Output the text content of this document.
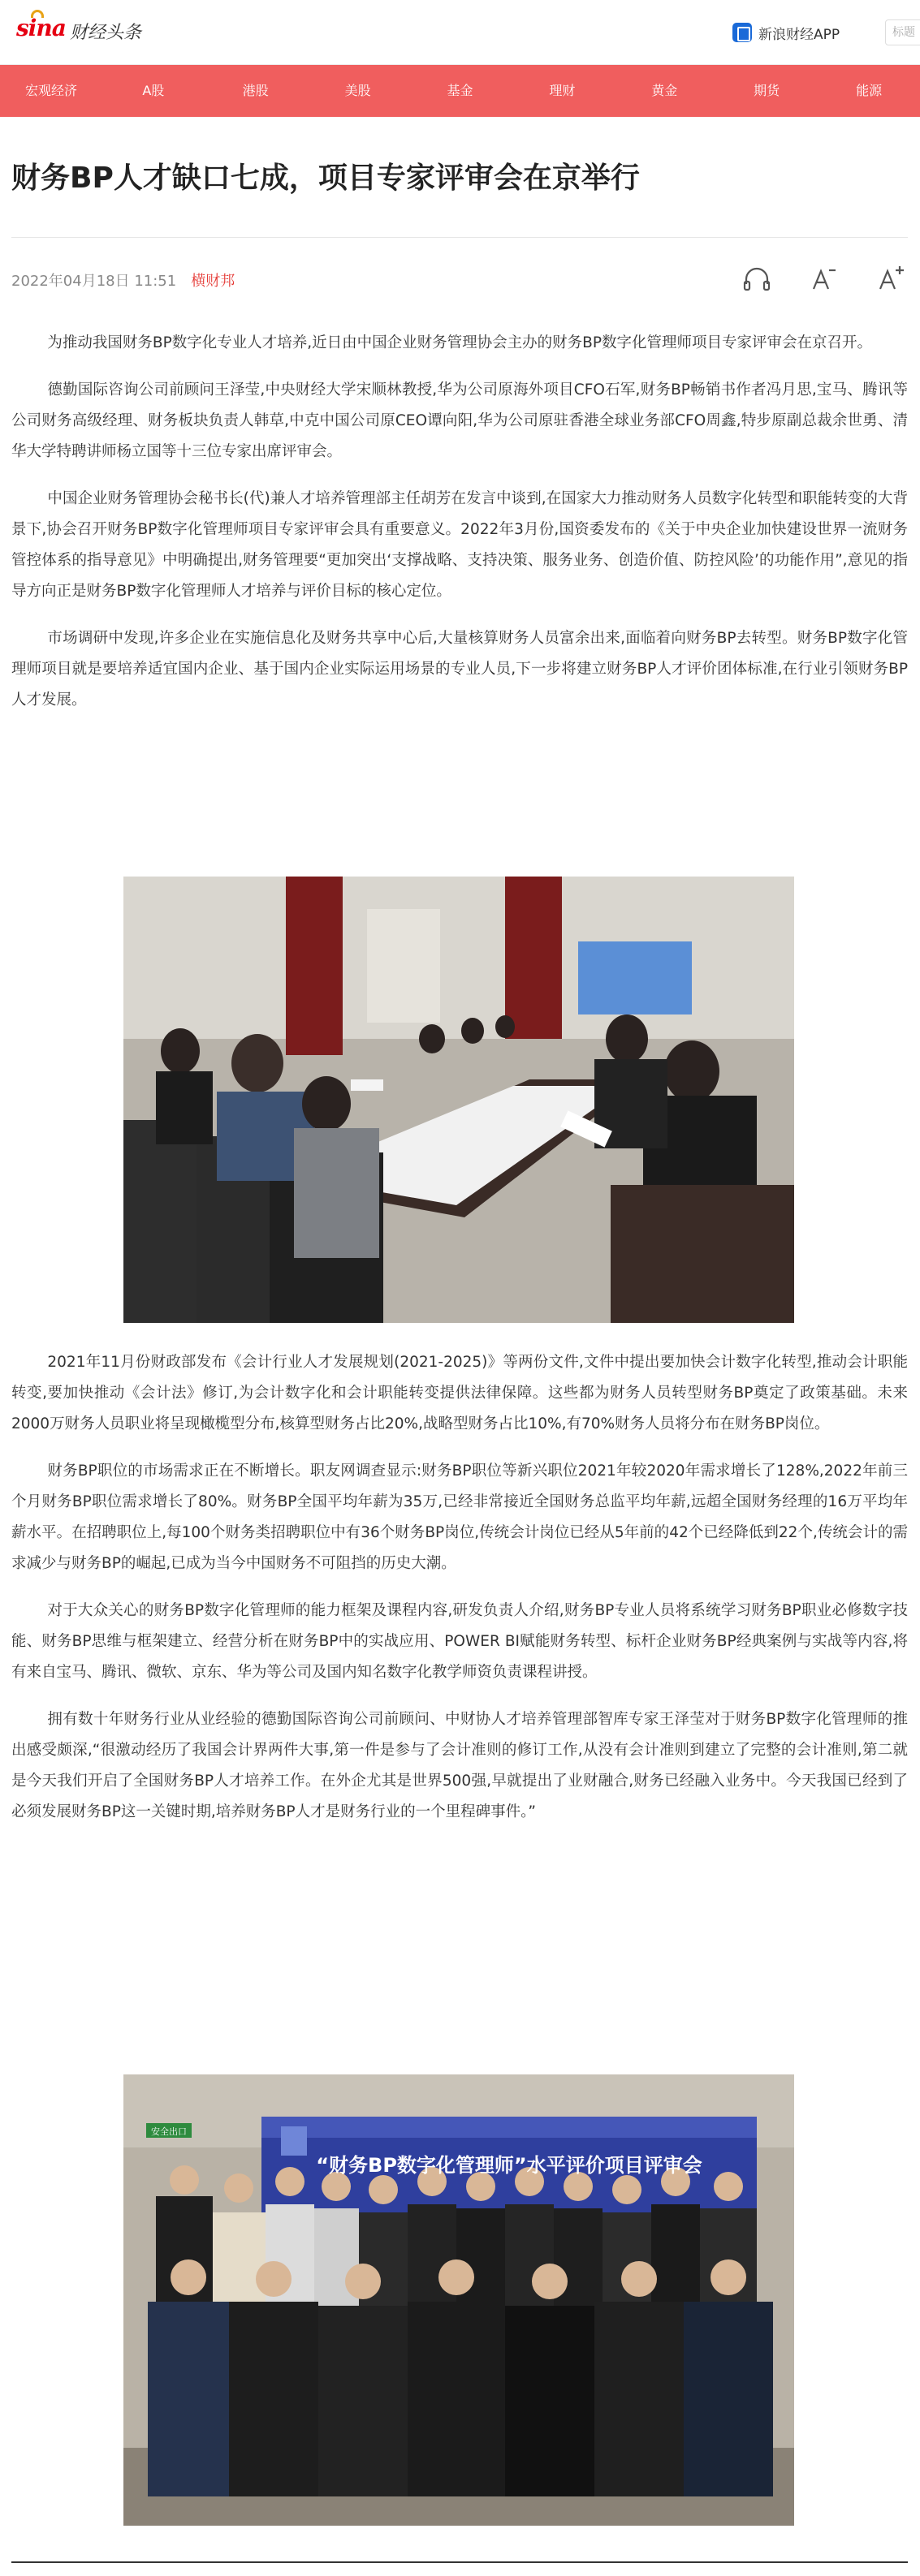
sina 财经头条	新浪财经APP	标题
宏观经济	A股	港股	美股	基金	理财	黄金	期货	能源
财务BP人才缺口七成，项目专家评审会在京举行
2022年04月18日 11:51 横财邦

为推动我国财务BP数字化专业人才培养,近日由中国企业财务管理协会主办的财务BP数字化管理师项目专家评审会在京召开。

德勤国际咨询公司前顾问王泽莹,中央财经大学宋顺林教授,华为公司原海外项目CFO石军,财务BP畅销书作者冯月思,宝马、腾讯等公司财务高级经理、财务板块负责人韩草,中克中国公司原CEO谭向阳,华为公司原驻香港全球业务部CFO周鑫,特步原副总裁余世勇、清华大学特聘讲师杨立国等十三位专家出席评审会。

中国企业财务管理协会秘书长(代)兼人才培养管理部主任胡芳在发言中谈到,在国家大力推动财务人员数字化转型和职能转变的大背景下,协会召开财务BP数字化管理师项目专家评审会具有重要意义。2022年3月份,国资委发布的《关于中央企业加快建设世界一流财务管控体系的指导意见》中明确提出,财务管理要“更加突出‘支撑战略、支持决策、服务业务、创造价值、防控风险’的功能作用”,意见的指导方向正是财务BP数字化管理师人才培养与评价目标的核心定位。

市场调研中发现,许多企业在实施信息化及财务共享中心后,大量核算财务人员富余出来,面临着向财务BP去转型。财务BP数字化管理师项目就是要培养适宜国内企业、基于国内企业实际运用场景的专业人员,下一步将建立财务BP人才评价团体标准,在行业引领财务BP人才发展。

2021年11月份财政部发布《会计行业人才发展规划(2021-2025)》等两份文件,文件中提出要加快会计数字化转型,推动会计职能转变,要加快推动《会计法》修订,为会计数字化和会计职能转变提供法律保障。这些都为财务人员转型财务BP奠定了政策基础。未来2000万财务人员职业将呈现橄榄型分布,核算型财务占比20%,战略型财务占比10%,有70%财务人员将分布在财务BP岗位。

财务BP职位的市场需求正在不断增长。职友网调查显示:财务BP职位等新兴职位2021年较2020年需求增长了128%,2022年前三个月财务BP职位需求增长了80%。财务BP全国平均年薪为35万,已经非常接近全国财务总监平均年薪,远超全国财务经理的16万平均年薪水平。在招聘职位上,每100个财务类招聘职位中有36个财务BP岗位,传统会计岗位已经从5年前的42个已经降低到22个,传统会计的需求减少与财务BP的崛起,已成为当今中国财务不可阻挡的历史大潮。

对于大众关心的财务BP数字化管理师的能力框架及课程内容,研发负责人介绍,财务BP专业人员将系统学习财务BP职业必修数字技能、财务BP思维与框架建立、经营分析在财务BP中的实战应用、POWER BI赋能财务转型、标杆企业财务BP经典案例与实战等内容,将有来自宝马、腾讯、微软、京东、华为等公司及国内知名数字化教学师资负责课程讲授。

拥有数十年财务行业从业经验的德勤国际咨询公司前顾问、中财协人才培养管理部智库专家王泽莹对于财务BP数字化管理师的推出感受颇深,“很激动经历了我国会计界两件大事,第一件是参与了会计准则的修订工作,从没有会计准则到建立了完整的会计准则,第二就是今天我们开启了全国财务BP人才培养工作。在外企尤其是世界500强,早就提出了业财融合,财务已经融入业务中。今天我国已经到了必须发展财务BP这一关键时期,培养财务BP人才是财务行业的一个里程碑事件。”

安全出口
“财务BP数字化管理师”水平评价项目评审会
